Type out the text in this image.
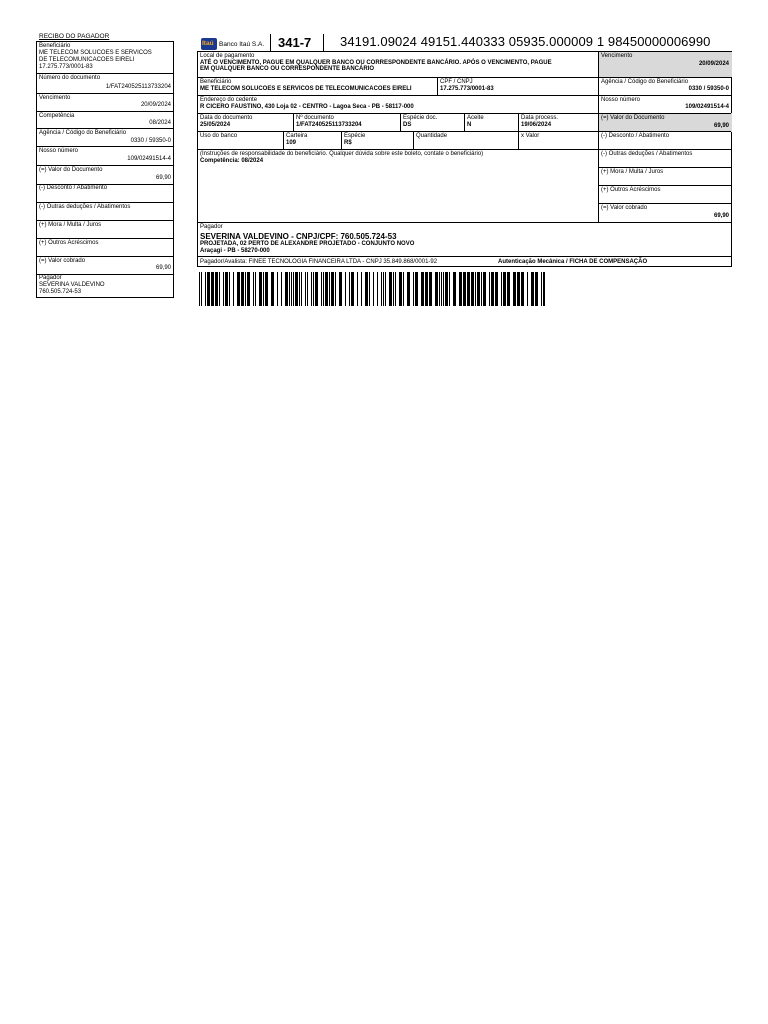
RECIBO DO PAGADOR
Beneficiário
ME TELECOM SOLUCOES E SERVICOS
DE TELECOMUNICACOES EIRELI
17.275.773/0001-83
Número do documento
1/FAT240525113733204
Vencimento
20/09/2024
Competência
08/2024
Agência / Código do Beneficiário
0330 / 59350-0
Nosso número
109/02491514-4
(=) Valor do Documento
69,90
(-) Desconto / Abatimento
(-) Outras deduções / Abatimentos
(+) Mora / Multa / Juros
(+) Outros Acréscimos
(=) Valor cobrado
69,90
Pagador
SEVERINA VALDEVINO
760.505.724-53
Itaú Banco Itaú S.A. 341-7 34191.09024 49151.440333 05935.000009 1 98450000006990
Local de pagamento
ATÉ O VENCIMENTO, PAGUE EM QUALQUER BANCO OU CORRESPONDENTE BANCÁRIO. APÓS O VENCIMENTO, PAGUE
EM QUALQUER BANCO OU CORRESPONDENTE BANCÁRIO
Vencimento
20/09/2024
Beneficiário
ME TELECOM SOLUCOES E SERVICOS DE TELECOMUNICACOES EIRELI
CPF / CNPJ
17.275.773/0001-83
Agência / Código do Beneficiário
0330 / 59350-0
Endereço do cedente
R CICERO FAUSTINO, 430 Loja 02 - CENTRO - Lagoa Seca - PB - 58117-000
Nosso número
109/02491514-4
Data do documento
25/05/2024
Nº documento
1/FAT240525113733204
Espécie doc.
DS
Aceite
N
Data process.
19/06/2024
(=) Valor do Documento
69,90
Uso do banco	Carteira
109
Espécie
R$
Quantidade	x Valor	(-) Desconto / Abatimento
(Instruções de responsabilidade do beneficiário. Qualquer dúvida sobre este boleto, contate o beneficiário)
Competência: 08/2024
(-) Outras deduções / Abatimentos
(+) Mora / Multa / Juros
(+) Outros Acréscimos
(=) Valor cobrado
69,90
Pagador
SEVERINA VALDEVINO - CNPJ/CPF: 760.505.724-53
PROJETADA, 02 PERTO DE ALEXANDRE PROJETADO - CONJUNTO NOVO
Araçagi - PB - 58270-000
Pagador/Avalista: FINEE TECNOLOGIA FINANCEIRA LTDA - CNPJ 35.849.868/0001-92	Autenticação Mecânica / FICHA DE COMPENSAÇÃO
